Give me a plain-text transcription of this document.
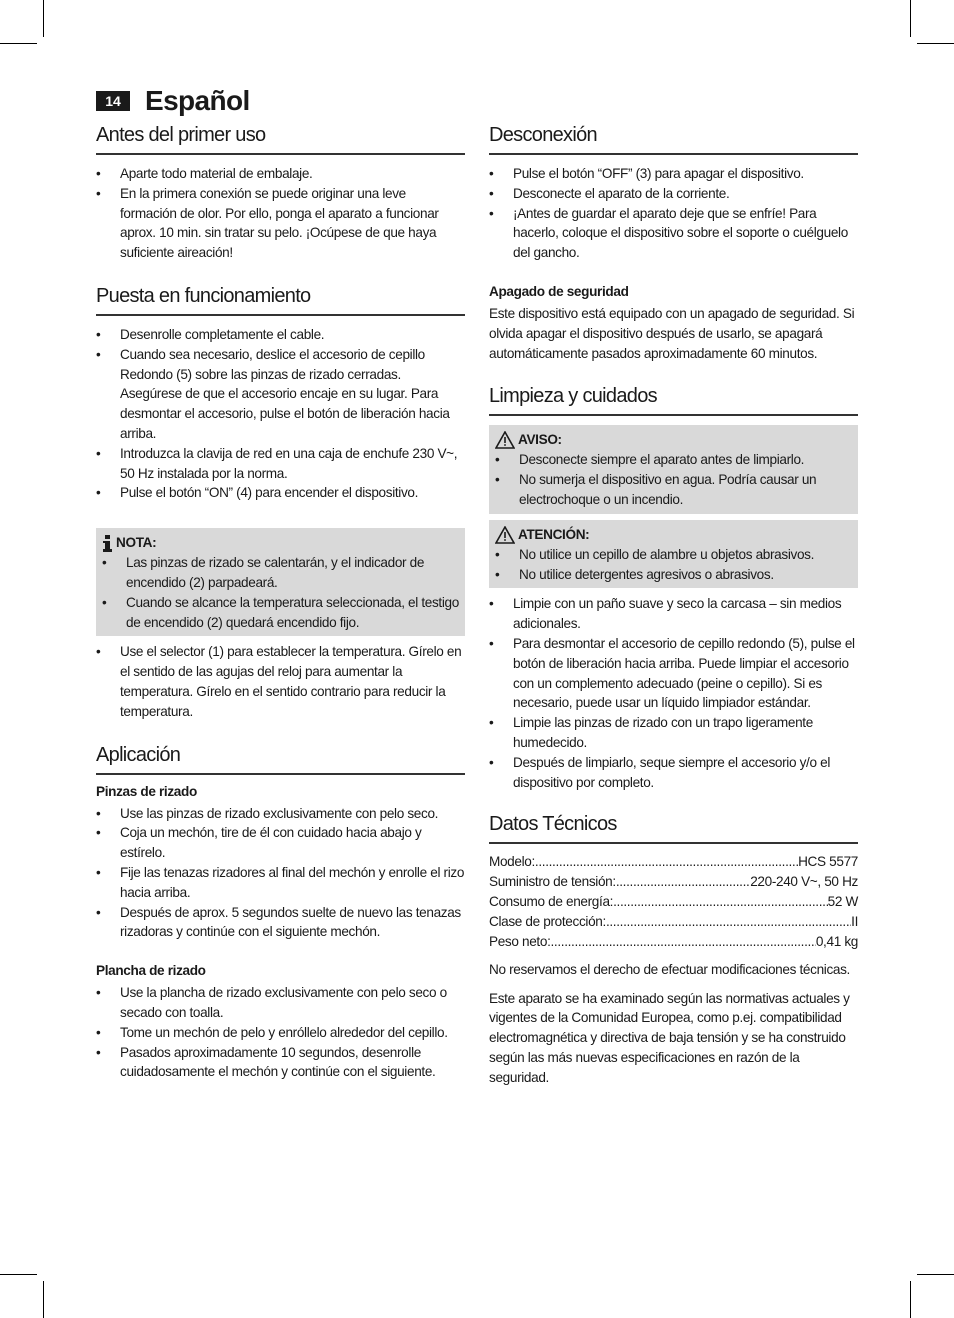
14 Español
Antes del primer uso
• Aparte todo material de embalaje.
• En la primera conexión se puede originar una leve formación de olor. Por ello, ponga el aparato a funcionar aprox. 10 min. sin tratar su pelo. ¡Ocúpese de que haya suficiente aireación!
Puesta en funcionamiento
• Desenrolle completamente el cable.
• Cuando sea necesario, deslice el accesorio de cepillo Redondo (5) sobre las pinzas de rizado cerradas. Asegúrese de que el accesorio encaje en su lugar. Para desmontar el accesorio, pulse el botón de liberación hacia arriba.
• Introduzca la clavija de red en una caja de enchufe 230 V~, 50 Hz instalada por la norma.
• Pulse el botón “ON” (4) para encender el dispositivo.
NOTA:
• Las pinzas de rizado se calentarán, y el indicador de encendido (2) parpadeará.
• Cuando se alcance la temperatura seleccionada, el testigo de encendido (2) quedará encendido fijo.
• Use el selector (1) para establecer la temperatura. Gírelo en el sentido de las agujas del reloj para aumentar la temperatura. Gírelo en el sentido contrario para reducir la temperatura.
Aplicación
Pinzas de rizado
• Use las pinzas de rizado exclusivamente con pelo seco.
• Coja un mechón, tire de él con cuidado hacia abajo y estírelo.
• Fije las tenazas rizadores al final del mechón y enrolle el rizo hacia arriba.
• Después de aprox. 5 segundos suelte de nuevo las tenazas rizadoras y continúe con el siguiente mechón.
Plancha de rizado
• Use la plancha de rizado exclusivamente con pelo seco o secado con toalla.
• Tome un mechón de pelo y enróllelo alrededor del cepillo.
• Pasados aproximadamente 10 segundos, desenrolle cuidadosamente el mechón y continúe con el siguiente.
Desconexión
• Pulse el botón “OFF” (3) para apagar el dispositivo.
• Desconecte el aparato de la corriente.
• ¡Antes de guardar el aparato deje que se enfríe! Para hacerlo, coloque el dispositivo sobre el soporte o cuélguelo del gancho.
Apagado de seguridad

Este dispositivo está equipado con un apagado de seguridad. Si olvida apagar el dispositivo después de usarlo, se apagará automáticamente pasados aproximadamente 60 minutos.

Limpieza y cuidados
AVISO:
• Desconecte siempre el aparato antes de limpiarlo.
• No sumerja el dispositivo en agua. Podría causar un electrochoque o un incendio.
ATENCIÓN:
• No utilice un cepillo de alambre u objetos abrasivos.
• No utilice detergentes agresivos o abrasivos.
• Limpie con un paño suave y seco la carcasa – sin medios adicionales.
• Para desmontar el accesorio de cepillo redondo (5), pulse el botón de liberación hacia arriba. Puede limpiar el accesorio con un complemento adecuado (peine o cepillo). Si es necesario, puede usar un líquido limpiador estándar.
• Limpie las pinzas de rizado con un trapo ligeramente humedecido.
• Después de limpiarlo, seque siempre el accesorio y/o el dispositivo por completo.
Datos Técnicos
Modelo: .....	HCS 5577
Suministro de tensión: .....	220-240 V~, 50 Hz
Consumo de energía: .....	52 W
Clase de protección: .....	II
Peso neto: .....	0,41 kg

No reservamos el derecho de efectuar modificaciones técnicas.

Este aparato se ha examinado según las normativas actuales y vigentes de la Comunidad Europea, como p.ej. compatibilidad electromagnética y directiva de baja tensión y se ha construido según las más nuevas especificaciones en razón de la seguridad.
